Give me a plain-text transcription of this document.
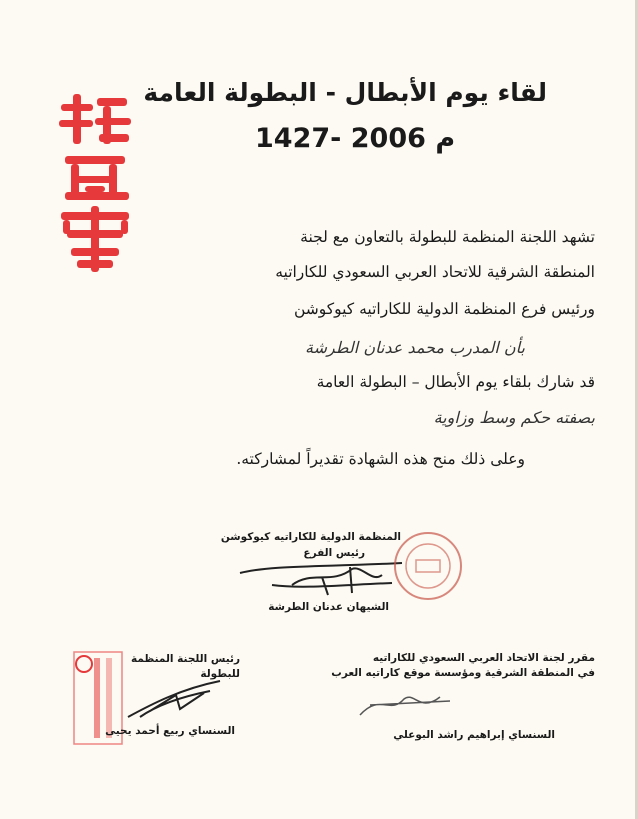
لقاء يوم الأبطال - البطولة العامة
1427- 2006 م
تشهد اللجنة المنظمة للبطولة بالتعاون مع لجنة
المنطقة الشرقية للاتحاد العربي السعودي للكاراتيه
ورئيس فرع المنظمة الدولية للكاراتيه كيوكوشن
بأن المدرب محمد عدنان الطرشة
قد شارك بلقاء يوم الأبطال – البطولة العامة
بصفته حكم وسط وزاوية
وعلى ذلك منح هذه الشهادة تقديراً لمشاركته.
المنظمة الدولية للكاراتيه كيوكوشن
رئيس الفرع
الشيهان عدنان الطرشة
رئيس اللجنة المنظمة للبطولة
السنساي ربيع أحمد يحيى
مقرر لجنة الاتحاد العربي السعودي للكاراتيه
في المنطقة الشرقية ومؤسسة موقع كاراتيه العرب
السنساي إبراهيم راشد البوعلي
